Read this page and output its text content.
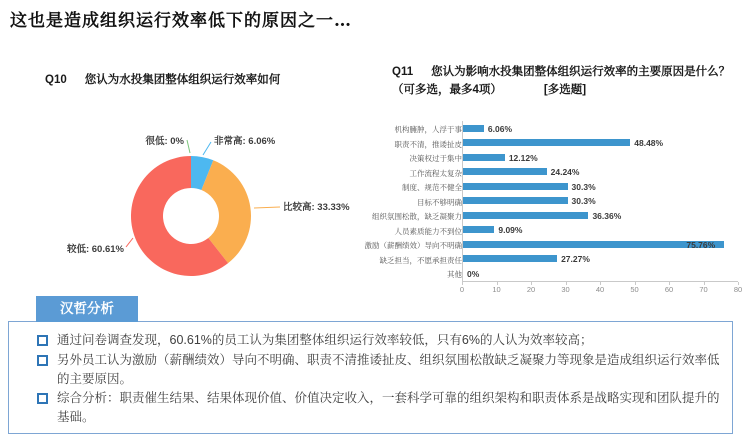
这也是造成组织运行效率低下的原因之一…
Q10 您认为水投集团整体组织运行效率如何
Q11 您认为影响水投集团整体组织运行效率的主要原因是什么？（可多选，最多4项）	[多选题]
非常高: 6.06%
比较高: 33.33%
较低: 60.61%
很低: 0%
机构臃肿，人浮于事	6.06%
职责不清，推诿扯皮	48.48%
决策权过于集中	12.12%
工作流程太复杂	24.24%
制度、规范不健全	30.3%
目标不够明确	30.3%
组织氛围松散，缺乏凝聚力	36.36%
人员素质能力不到位	9.09%
激励（薪酬绩效）导向不明确	75.76%
缺乏担当，不愿承担责任	27.27%
其他 0%
0	10	20	30	40	50	60	70	80
汉哲分析
通过问卷调查发现，60.61%的员工认为集团整体组织运行效率较低，只有6%的人认为效率较高；
另外员工认为激励（薪酬绩效）导向不明确、职责不清推诿扯皮、组织氛围松散缺乏凝聚力等现象是造成组织运行效率低的主要原因。
综合分析：职责催生结果、结果体现价值、价值决定收入，一套科学可靠的组织架构和职责体系是战略实现和团队提升的基础。
